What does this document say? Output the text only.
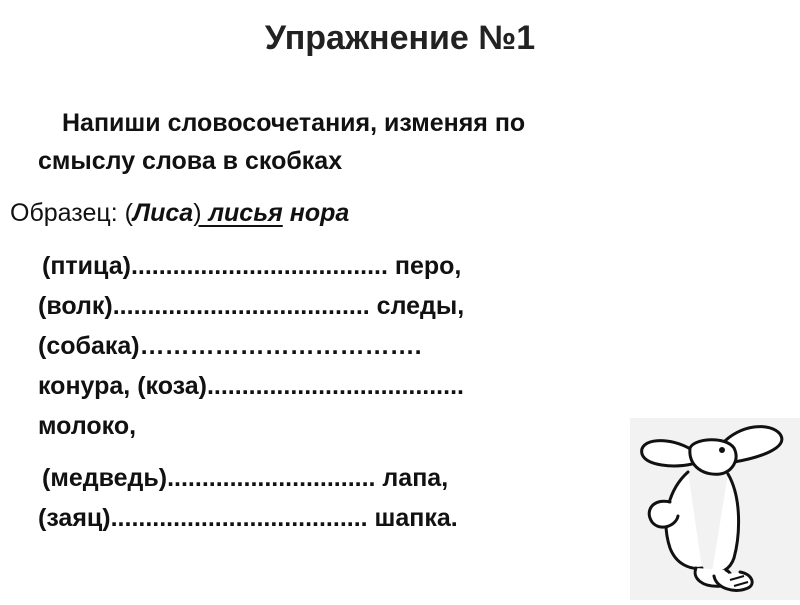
Упражнение №1
Напиши словосочетания, изменяя по
смыслу слова в скобках
Образец: (Лиса) лисья нора
(птица)..................................... перо,
(волк)..................................... следы,
(собака)…………………………….
конура, (коза).....................................
молоко,
(медведь).............................. лапа,
(заяц)..................................... шапка.
